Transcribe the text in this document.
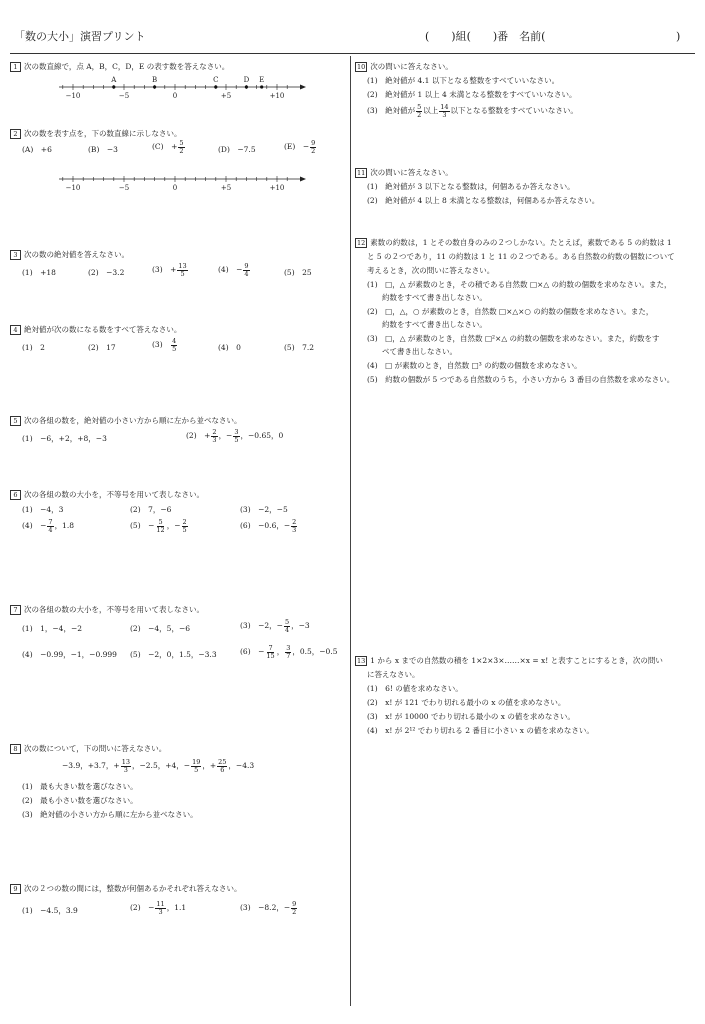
「数の大小」演習プリント	(　　)組(　　)番　名前(	)
1 次の数直線で，点 A，B，C，D，E の表す数を答えなさい。
−10	−5	0	+5	+10
A	B	C	D E
2 次の数を表す点を，下の数直線に示しなさい。
(A)　 +6	(B)　 −3	(C)　 + $\frac{5}{2}$	(D)　 −7.5	(E)　 − $\frac{9}{2}$
−10	−5	0	+5	+10
3 次の数の絶対値を答えなさい。
(1)　 +18	(2)　 −3.2	(3)　 + $\frac{13}{5}$	(4)　 − $\frac{9}{4}$	(5)　 25
4 絶対値が次の数になる数をすべて答えなさい。
(1)　 2	(2)　 17	(3)　 $\frac{4}{5}$	(4)　 0	(5)　 7.2
5 次の各組の数を，絶対値の小さい方から順に左から並べなさい。
(1)　 −6，+2，+8，−3	(2)　 + $\frac{2}{3}$ ，− $\frac{3}{5}$ ，−0.65，0
6 次の各組の数の大小を，不等号を用いて表しなさい。
(1)　−4，3	(2)　7，−6	(3)　−2，−5
(4)　 − $\frac{7}{4}$ ，1.8	(5)　 − $\frac{5}{12}$ ，− $\frac{2}{5}$	(6)　 −0.6，− $\frac{2}{3}$
7 次の各組の数の大小を，不等号を用いて表しなさい。
(1)　1，−4，−2	(2)　−4，5，−6	(3)　 −2，− $\frac{5}{4}$ ，−3
(4)　−0.99，−1，−0.999 (5)　−2，0，1.5，−3.3	(6)　 − $\frac{7}{15}$ ， $\frac{3}{7}$ ，0.5，−0.5
8 次の数について，下の問いに答えなさい。
−3.9，+3.7，+ $\frac{13}{3}$ ，−2.5，+4，− $\frac{19}{5}$ ，+ $\frac{25}{6}$ ，−4.3
(1)　最も大きい数を選びなさい。
(2)　最も小さい数を選びなさい。
(3)　絶対値の小さい方から順に左から並べなさい。
9 次の２つの数の間には，整数が何個あるかそれぞれ答えなさい。
(1)　−4.5，3.9	(2)　 − $\frac{11}{3}$ ，1.1	(3)　 −8.2，− $\frac{9}{2}$
10 次の問いに答えなさい。
(1)　絶対値が 4.1 以下となる整数をすべていいなさい。
(2)　絶対値が 1 以上 4 未満となる整数をすべていいなさい。
(3)　絶対値が $\frac{5}{2}$ 以上 $\frac{14}{3}$ 以下となる整数をすべていいなさい。
11 次の問いに答えなさい。
(1)　絶対値が 3 以下となる整数は，何個あるか答えなさい。
(2)　絶対値が 4 以上 8 未満となる整数は，何個あるか答えなさい。
12 素数の約数は，1 とその数自身のみの２つしかない。たとえば，素数である 5 の約数は 1
と 5 の２つであり，11 の約数は 1 と 11 の２つである。ある自然数の約数の個数について
考えるとき，次の問いに答えなさい。
(1)　□，△ が素数のとき，その積である自然数 □×△ の約数の個数を求めなさい。また，
　　約数をすべて書き出しなさい。
(2)　□，△，○ が素数のとき，自然数 □×△×○ の約数の個数を求めなさい。また，
　　約数をすべて書き出しなさい。
(3)　□，△ が素数のとき，自然数 □²×△ の約数の個数を求めなさい。また，約数をす
　　べて書き出しなさい。
(4)　□ が素数のとき，自然数 □³ の約数の個数を求めなさい。
(5)　約数の個数が 5 つである自然数のうち，小さい方から 3 番目の自然数を求めなさい。
13 1 から x までの自然数の積を 1×2×3×……×x = x! と表すことにするとき，次の問い
に答えなさい。
(1)　6! の値を求めなさい。
(2)　x! が 121 でわり切れる最小の x の値を求めなさい。
(3)　x! が 10000 でわり切れる最小の x の値を求めなさい。
(4)　x! が 2¹² でわり切れる 2 番目に小さい x の値を求めなさい。
